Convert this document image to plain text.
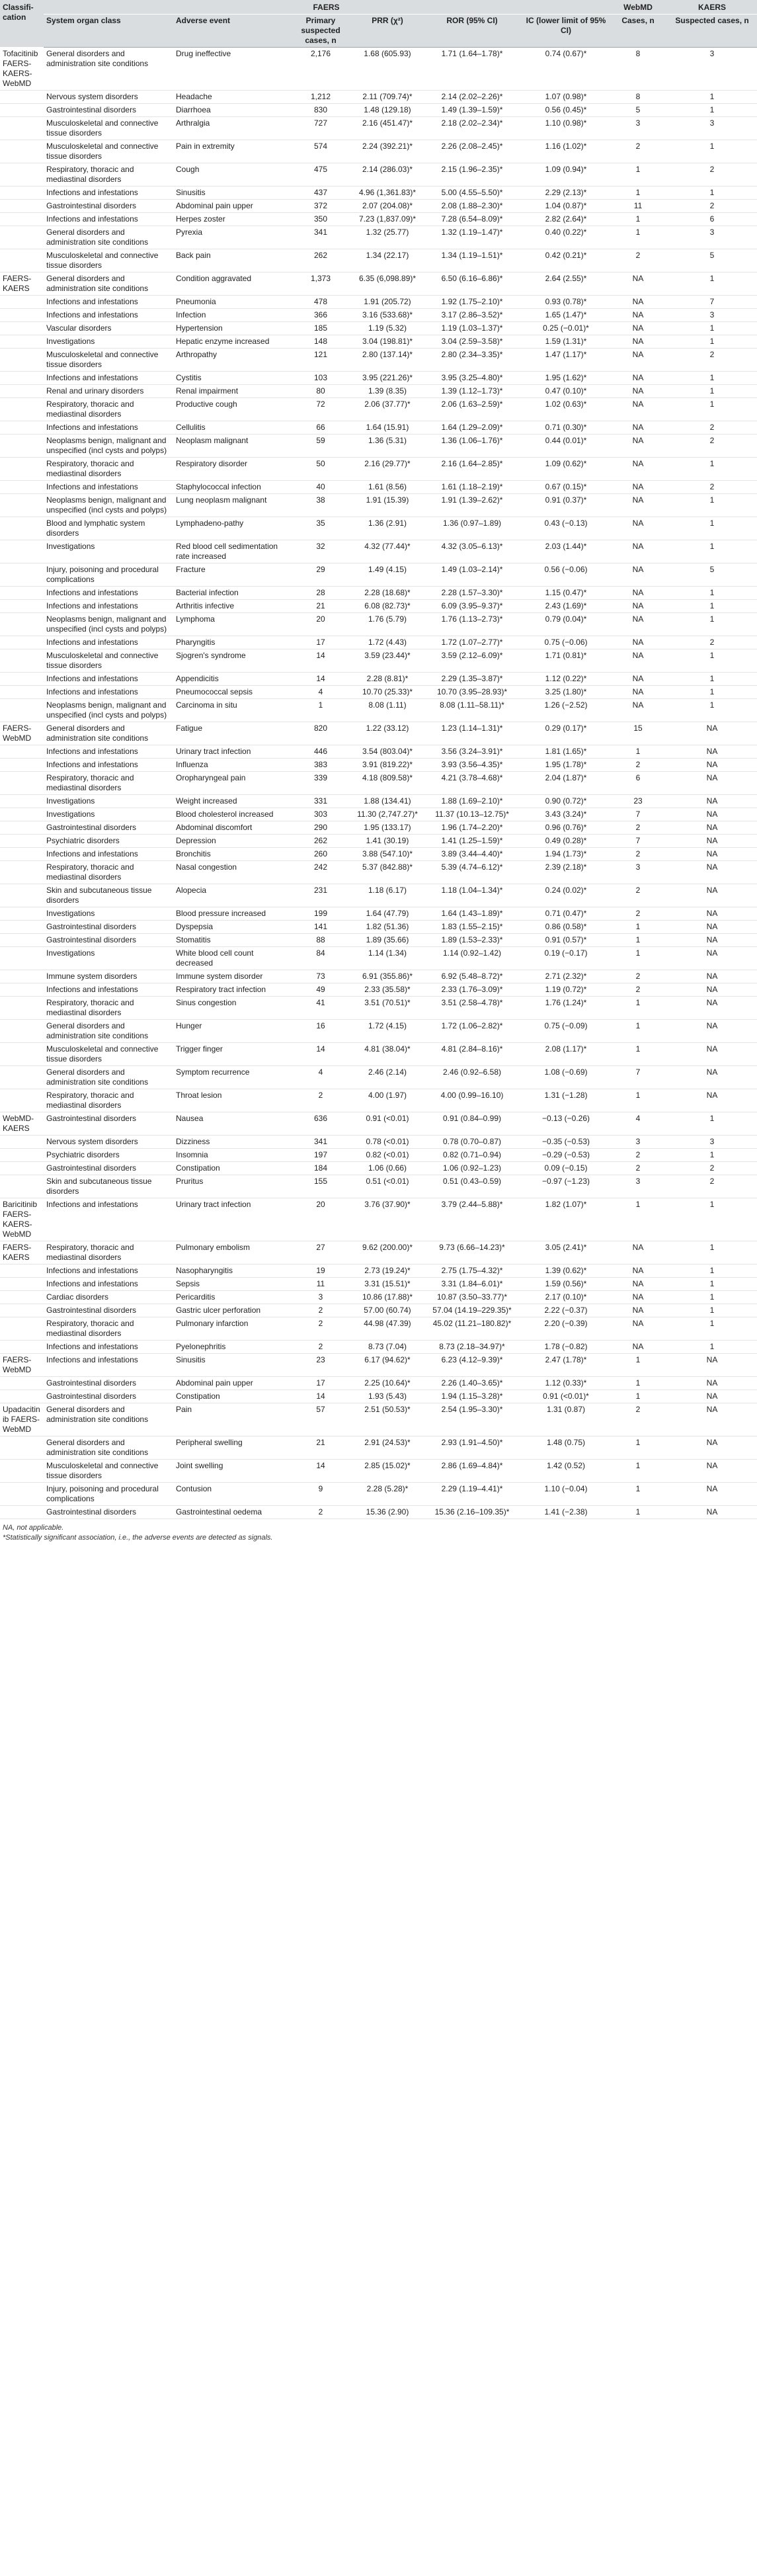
Classifi-cation	FAERS						WebMD	KAERS
	System organ class	Adverse event	Primary suspected cases, n	PRR (χ²)	ROR (95% CI)	IC (lower limit of 95% CI)	Cases, n	Suspected cases, n
Tofacitinib FAERS-KAERS-WebMD	General disorders and administration site conditions	Drug ineffective	2,176	1.68 (605.93)	1.71 (1.64–1.78)*	0.74 (0.67)*	8	3
	Nervous system disorders	Headache	1,212	2.11 (709.74)*	2.14 (2.02–2.26)*	1.07 (0.98)*	8	1
	Gastrointestinal disorders	Diarrhoea	830	1.48 (129.18)	1.49 (1.39–1.59)*	0.56 (0.45)*	5	1
	Musculoskeletal and connective tissue disorders	Arthralgia	727	2.16 (451.47)*	2.18 (2.02–2.34)*	1.10 (0.98)*	3	3
	Musculoskeletal and connective tissue disorders	Pain in extremity	574	2.24 (392.21)*	2.26 (2.08–2.45)*	1.16 (1.02)*	2	1
	Respiratory, thoracic and mediastinal disorders	Cough	475	2.14 (286.03)*	2.15 (1.96–2.35)*	1.09 (0.94)*	1	2
	Infections and infestations	Sinusitis	437	4.96 (1,361.83)*	5.00 (4.55–5.50)*	2.29 (2.13)*	1	1
	Gastrointestinal disorders	Abdominal pain upper	372	2.07 (204.08)*	2.08 (1.88–2.30)*	1.04 (0.87)*	11	2
	Infections and infestations	Herpes zoster	350	7.23 (1,837.09)*	7.28 (6.54–8.09)*	2.82 (2.64)*	1	6
	General disorders and administration site conditions	Pyrexia	341	1.32 (25.77)	1.32 (1.19–1.47)*	0.40 (0.22)*	1	3
	Musculoskeletal and connective tissue disorders	Back pain	262	1.34 (22.17)	1.34 (1.19–1.51)*	0.42 (0.21)*	2	5
FAERS-KAERS	General disorders and administration site conditions	Condition aggravated	1,373	6.35 (6,098.89)*	6.50 (6.16–6.86)*	2.64 (2.55)*	NA	1
	Infections and infestations	Pneumonia	478	1.91 (205.72)	1.92 (1.75–2.10)*	0.93 (0.78)*	NA	7
	Infections and infestations	Infection	366	3.16 (533.68)*	3.17 (2.86–3.52)*	1.65 (1.47)*	NA	3
	Vascular disorders	Hypertension	185	1.19 (5.32)	1.19 (1.03–1.37)*	0.25 (−0.01)*	NA	1
	Investigations	Hepatic enzyme increased	148	3.04 (198.81)*	3.04 (2.59–3.58)*	1.59 (1.31)*	NA	1
	Musculoskeletal and connective tissue disorders	Arthropathy	121	2.80 (137.14)*	2.80 (2.34–3.35)*	1.47 (1.17)*	NA	2
	Infections and infestations	Cystitis	103	3.95 (221.26)*	3.95 (3.25–4.80)*	1.95 (1.62)*	NA	1
	Renal and urinary disorders	Renal impairment	80	1.39 (8.35)	1.39 (1.12–1.73)*	0.47 (0.10)*	NA	1
	Respiratory, thoracic and mediastinal disorders	Productive cough	72	2.06 (37.77)*	2.06 (1.63–2.59)*	1.02 (0.63)*	NA	1
	Infections and infestations	Cellulitis	66	1.64 (15.91)	1.64 (1.29–2.09)*	0.71 (0.30)*	NA	2
	Neoplasms benign, malignant and unspecified (incl cysts and polyps)	Neoplasm malignant	59	1.36 (5.31)	1.36 (1.06–1.76)*	0.44 (0.01)*	NA	2
	Respiratory, thoracic and mediastinal disorders	Respiratory disorder	50	2.16 (29.77)*	2.16 (1.64–2.85)*	1.09 (0.62)*	NA	1
	Infections and infestations	Staphylococcal infection	40	1.61 (8.56)	1.61 (1.18–2.19)*	0.67 (0.15)*	NA	2
	Neoplasms benign, malignant and unspecified (incl cysts and polyps)	Lung neoplasm malignant	38	1.91 (15.39)	1.91 (1.39–2.62)*	0.91 (0.37)*	NA	1
	Blood and lymphatic system disorders	Lymphadeno-pathy	35	1.36 (2.91)	1.36 (0.97–1.89)	0.43 (−0.13)	NA	1
	Investigations	Red blood cell sedimentation rate increased	32	4.32 (77.44)*	4.32 (3.05–6.13)*	2.03 (1.44)*	NA	1
	Injury, poisoning and procedural complications	Fracture	29	1.49 (4.15)	1.49 (1.03–2.14)*	0.56 (−0.06)	NA	5
	Infections and infestations	Bacterial infection	28	2.28 (18.68)*	2.28 (1.57–3.30)*	1.15 (0.47)*	NA	1
	Infections and infestations	Arthritis infective	21	6.08 (82.73)*	6.09 (3.95–9.37)*	2.43 (1.69)*	NA	1
	Neoplasms benign, malignant and unspecified (incl cysts and polyps)	Lymphoma	20	1.76 (5.79)	1.76 (1.13–2.73)*	0.79 (0.04)*	NA	1
	Infections and infestations	Pharyngitis	17	1.72 (4.43)	1.72 (1.07–2.77)*	0.75 (−0.06)	NA	2
	Musculoskeletal and connective tissue disorders	Sjogren's syndrome	14	3.59 (23.44)*	3.59 (2.12–6.09)*	1.71 (0.81)*	NA	1
	Infections and infestations	Appendicitis	14	2.28 (8.81)*	2.29 (1.35–3.87)*	1.12 (0.22)*	NA	1
	Infections and infestations	Pneumococcal sepsis	4	10.70 (25.33)*	10.70 (3.95–28.93)*	3.25 (1.80)*	NA	1
	Neoplasms benign, malignant and unspecified (incl cysts and polyps)	Carcinoma in situ	1	8.08 (1.11)	8.08 (1.11–58.11)*	1.26 (−2.52)	NA	1
FAERS-WebMD	General disorders and administration site conditions	Fatigue	820	1.22 (33.12)	1.23 (1.14–1.31)*	0.29 (0.17)*	15	NA
	Infections and infestations	Urinary tract infection	446	3.54 (803.04)*	3.56 (3.24–3.91)*	1.81 (1.65)*	1	NA
	Infections and infestations	Influenza	383	3.91 (819.22)*	3.93 (3.56–4.35)*	1.95 (1.78)*	2	NA
	Respiratory, thoracic and mediastinal disorders	Oropharyngeal pain	339	4.18 (809.58)*	4.21 (3.78–4.68)*	2.04 (1.87)*	6	NA
	Investigations	Weight increased	331	1.88 (134.41)	1.88 (1.69–2.10)*	0.90 (0.72)*	23	NA
	Investigations	Blood cholesterol increased	303	11.30 (2,747.27)*	11.37 (10.13–12.75)*	3.43 (3.24)*	7	NA
	Gastrointestinal disorders	Abdominal discomfort	290	1.95 (133.17)	1.96 (1.74–2.20)*	0.96 (0.76)*	2	NA
	Psychiatric disorders	Depression	262	1.41 (30.19)	1.41 (1.25–1.59)*	0.49 (0.28)*	7	NA
	Infections and infestations	Bronchitis	260	3.88 (547.10)*	3.89 (3.44–4.40)*	1.94 (1.73)*	2	NA
	Respiratory, thoracic and mediastinal disorders	Nasal congestion	242	5.37 (842.88)*	5.39 (4.74–6.12)*	2.39 (2.18)*	3	NA
	Skin and subcutaneous tissue disorders	Alopecia	231	1.18 (6.17)	1.18 (1.04–1.34)*	0.24 (0.02)*	2	NA
	Investigations	Blood pressure increased	199	1.64 (47.79)	1.64 (1.43–1.89)*	0.71 (0.47)*	2	NA
	Gastrointestinal disorders	Dyspepsia	141	1.82 (51.36)	1.83 (1.55–2.15)*	0.86 (0.58)*	1	NA
	Gastrointestinal disorders	Stomatitis	88	1.89 (35.66)	1.89 (1.53–2.33)*	0.91 (0.57)*	1	NA
	Investigations	White blood cell count decreased	84	1.14 (1.34)	1.14 (0.92–1.42)	0.19 (−0.17)	1	NA
	Immune system disorders	Immune system disorder	73	6.91 (355.86)*	6.92 (5.48–8.72)*	2.71 (2.32)*	2	NA
	Infections and infestations	Respiratory tract infection	49	2.33 (35.58)*	2.33 (1.76–3.09)*	1.19 (0.72)*	2	NA
	Respiratory, thoracic and mediastinal disorders	Sinus congestion	41	3.51 (70.51)*	3.51 (2.58–4.78)*	1.76 (1.24)*	1	NA
	General disorders and administration site conditions	Hunger	16	1.72 (4.15)	1.72 (1.06–2.82)*	0.75 (−0.09)	1	NA
	Musculoskeletal and connective tissue disorders	Trigger finger	14	4.81 (38.04)*	4.81 (2.84–8.16)*	2.08 (1.17)*	1	NA
	General disorders and administration site conditions	Symptom recurrence	4	2.46 (2.14)	2.46 (0.92–6.58)	1.08 (−0.69)	7	NA
	Respiratory, thoracic and mediastinal disorders	Throat lesion	2	4.00 (1.97)	4.00 (0.99–16.10)	1.31 (−1.28)	1	NA
WebMD-KAERS	Gastrointestinal disorders	Nausea	636	0.91 (<0.01)	0.91 (0.84–0.99)	−0.13 (−0.26)	4	1
	Nervous system disorders	Dizziness	341	0.78 (<0.01)	0.78 (0.70–0.87)	−0.35 (−0.53)	3	3
	Psychiatric disorders	Insomnia	197	0.82 (<0.01)	0.82 (0.71–0.94)	−0.29 (−0.53)	2	1
	Gastrointestinal disorders	Constipation	184	1.06 (0.66)	1.06 (0.92–1.23)	0.09 (−0.15)	2	2
	Skin and subcutaneous tissue disorders	Pruritus	155	0.51 (<0.01)	0.51 (0.43–0.59)	−0.97 (−1.23)	3	2
Baricitinib FAERS-KAERS-WebMD	Infections and infestations	Urinary tract infection	20	3.76 (37.90)*	3.79 (2.44–5.88)*	1.82 (1.07)*	1	1
FAERS-KAERS	Respiratory, thoracic and mediastinal disorders	Pulmonary embolism	27	9.62 (200.00)*	9.73 (6.66–14.23)*	3.05 (2.41)*	NA	1
	Infections and infestations	Nasopharyngitis	19	2.73 (19.24)*	2.75 (1.75–4.32)*	1.39 (0.62)*	NA	1
	Infections and infestations	Sepsis	11	3.31 (15.51)*	3.31 (1.84–6.01)*	1.59 (0.56)*	NA	1
	Cardiac disorders	Pericarditis	3	10.86 (17.88)*	10.87 (3.50–33.77)*	2.17 (0.10)*	NA	1
	Gastrointestinal disorders	Gastric ulcer perforation	2	57.00 (60.74)	57.04 (14.19–229.35)*	2.22 (−0.37)	NA	1
	Respiratory, thoracic and mediastinal disorders	Pulmonary infarction	2	44.98 (47.39)	45.02 (11.21–180.82)*	2.20 (−0.39)	NA	1
	Infections and infestations	Pyelonephritis	2	8.73 (7.04)	8.73 (2.18–34.97)*	1.78 (−0.82)	NA	1
FAERS-WebMD	Infections and infestations	Sinusitis	23	6.17 (94.62)*	6.23 (4.12–9.39)*	2.47 (1.78)*	1	NA
	Gastrointestinal disorders	Abdominal pain upper	17	2.25 (10.64)*	2.26 (1.40–3.65)*	1.12 (0.33)*	1	NA
	Gastrointestinal disorders	Constipation	14	1.93 (5.43)	1.94 (1.15–3.28)*	0.91 (<0.01)*	1	NA
Upadacitinib FAERS-WebMD	General disorders and administration site conditions	Pain	57	2.51 (50.53)*	2.54 (1.95–3.30)*	1.31 (0.87)	2	NA
	General disorders and administration site conditions	Peripheral swelling	21	2.91 (24.53)*	2.93 (1.91–4.50)*	1.48 (0.75)	1	NA
	Musculoskeletal and connective tissue disorders	Joint swelling	14	2.85 (15.02)*	2.86 (1.69–4.84)*	1.42 (0.52)	1	NA
	Injury, poisoning and procedural complications	Contusion	9	2.28 (5.28)*	2.29 (1.19–4.41)*	1.10 (−0.04)	1	NA
	Gastrointestinal disorders	Gastrointestinal oedema	2	15.36 (2.90)	15.36 (2.16–109.35)*	1.41 (−2.38)	1	NA
NA, not applicable.
*Statistically significant association, i.e., the adverse events are detected as signals.
